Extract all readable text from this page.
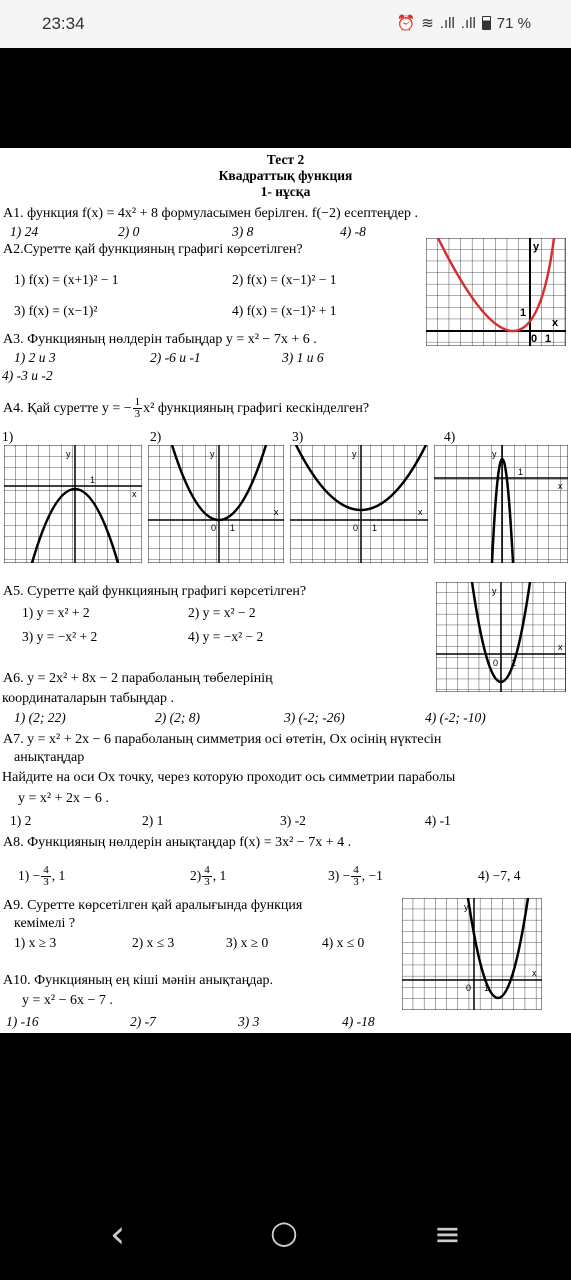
23:34	⏰ ≋ .ıll .ıll 71 %
Тест 2
Квадраттық функция
1- нұсқа
A1. функция f(x) = 4x² + 8 формуласымен берілген. f(−2) есептеңдер .
1) 24	2) 0	3) 8	4) -8
A2.Суретте қай функцияның графигі көрсетілген?
1) f(x) = (x+1)² − 1	2) f(x) = (x−1)² − 1
3) f(x) = (x−1)²	4) f(x) = (x−1)² + 1
y
x
1
0 1
A3. Функцияның нөлдерін табыңдар y = x² − 7x + 6 .
1) 2 и 3	2) -6 и -1	3) 1 и 6
4) -3 и -2
A4. Қай суретте y = − $\frac{1}{3} x^2$ функцияның графигі кескінделген?
1)	2)	3)	4)
y
x
1
y
x
0 1
y
x
0 1
y
x
1
A5. Суретте қай функцияның графигі көрсетілген?
1) y = x² + 2	2) y = x² − 2
3) y = −x² + 2	4) y = −x² − 2
y
x
0 1
A6. y = 2x² + 8x − 2 параболаның төбелерінің
координаталарын табыңдар .
1) (2; 22)	2) (2; 8)	3) (-2; -26)	4) (-2; -10)
A7. y = x² + 2x − 6 параболаның симметрия осі өтетін, Ox осінің нүктесін
анықтаңдар
Найдите на оси Ох точку, через которую проходит ось симметрии параболы
y = x² + 2x − 6 .
1) 2	2) 1	3) -2	4) -1
A8. Функцияның нөлдерін анықтаңдар f(x) = 3x² − 7x + 4 .
$1) - \frac{4}{3}$ , 1	$2) \frac{4}{3}$ , 1	$3) - \frac{4}{3}$ , −1	4) −7, 4
A9. Суретте көрсетілген қай аралығында функция
кемімелі ?
1) x ≥ 3	2) x ≤ 3	3) x ≥ 0	4) x ≤ 0
y
x
0 1
A10. Функцияның ең кіші мәнін анықтаңдар.
y = x² − 6x − 7 .
1) -16	2) -7	3) 3	4) -18
‹	○	≡
